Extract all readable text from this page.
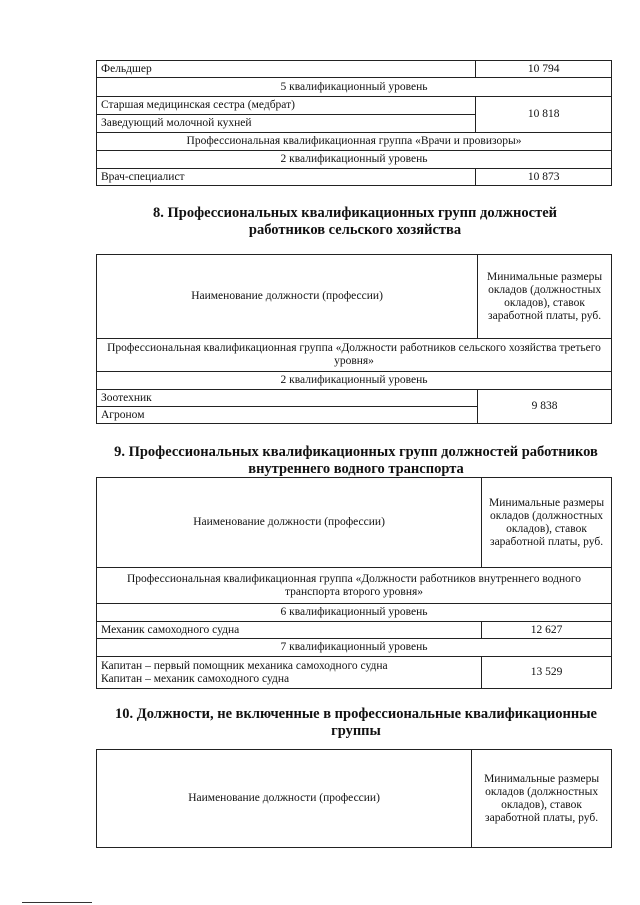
Фельдшер	10 794
5 квалификационный уровень	
Старшая медицинская сестра (медбрат)	10 818
Заведующий молочной кухней	
Профессиональная квалификационная группа «Врачи и провизоры»	
2 квалификационный уровень	
Врач-специалист	10 873
8. Профессиональных квалификационных групп должностей
работников сельского хозяйства
Наименование должности (профессии)	Минимальные размеры окладов (должностных окладов), ставок заработной платы, руб.
Профессиональная квалификационная группа «Должности работников сельского хозяйства третьего уровня»	
2 квалификационный уровень	
Зоотехник	9 838
Агроном	
9. Профессиональных квалификационных групп должностей работников
внутреннего водного транспорта
Наименование должности (профессии)	Минимальные размеры окладов (должностных окладов), ставок заработной платы, руб.
Профессиональная квалификационная группа «Должности работников внутреннего водного транспорта второго уровня»	
6 квалификационный уровень	
Механик самоходного судна	12 627
7 квалификационный уровень	

Капитан – первый помощник механика самоходного судна
Капитан – механик самоходного судна	13 529
10. Должности, не включенные в профессиональные квалификационные
группы
Наименование должности (профессии)	Минимальные размеры окладов (должностных окладов), ставок заработной платы, руб.
